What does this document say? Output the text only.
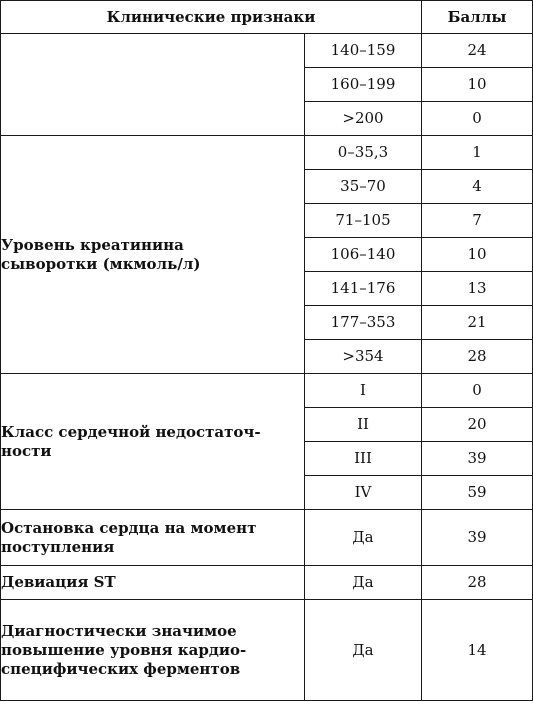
Клинические признаки		Баллы
	140–159	24
	160–199	10
	>200	0
Уровень креатинина
сыворотки (мкмоль/л)	0–35,3	1
	35–70	4
	71–105	7
	106–140	10
	141–176	13
	177–353	21
	>354	28
Класс сердечной недостаточ-
ности	I	0
	II	20
	III	39
	IV	59
Остановка сердца на момент
поступления	Да	39
Девиация ST	Да	28
Диагностически значимое
повышение уровня кардио-
специфических ферментов	Да	14
